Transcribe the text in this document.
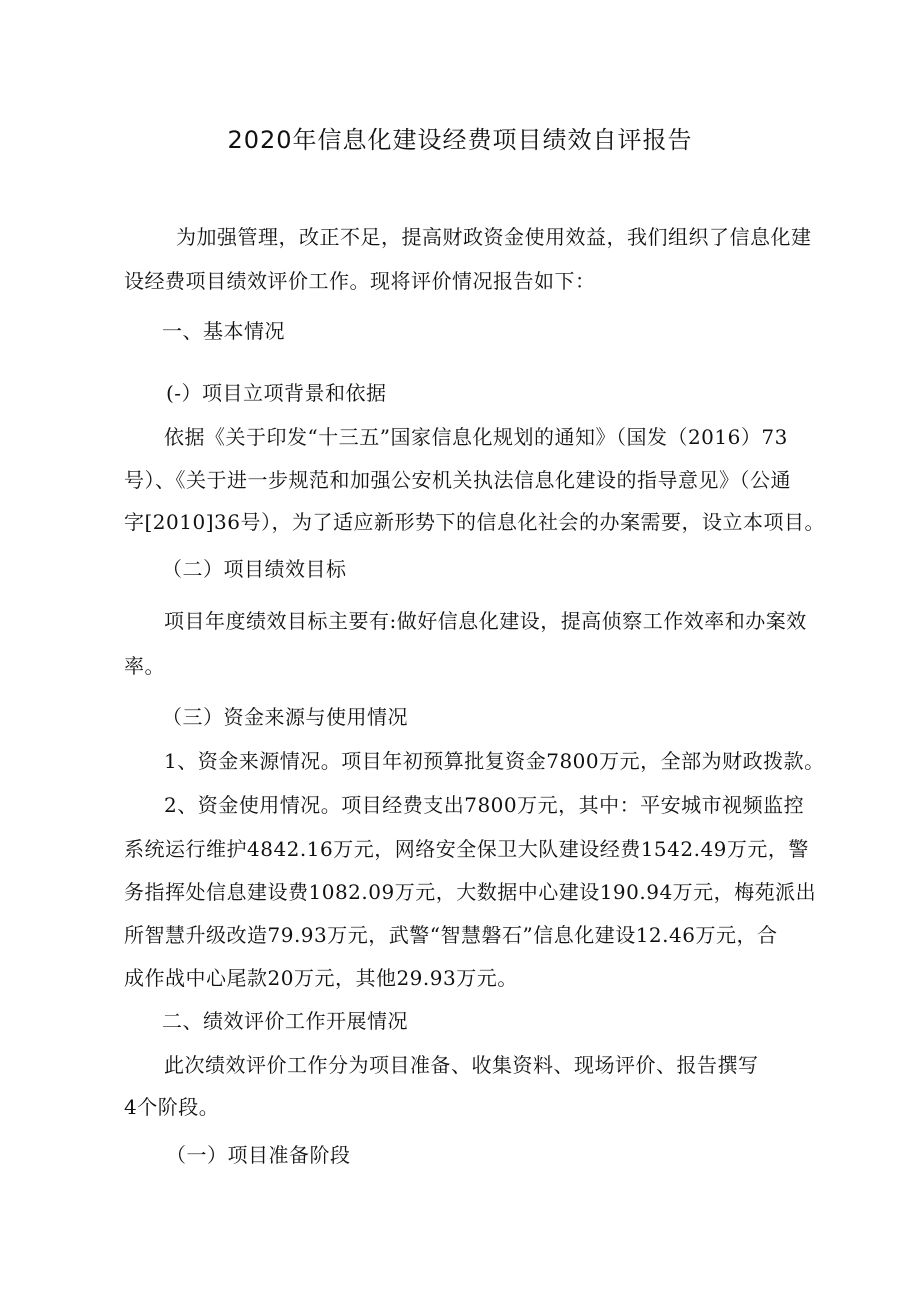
2020年信息化建设经费项目绩效自评报告
为加强管理，改正不足，提高财政资金使用效益，我们组织了信息化建
设经费项目绩效评价工作。现将评价情况报告如下：
一、基本情况
(-）项目立项背景和依据
依据《关于印发“十三五”国家信息化规划的通知》（国发（2016）73
号）、《关于进一步规范和加强公安机关执法信息化建设的指导意见》（公通
字[2010]36号），为了适应新形势下的信息化社会的办案需要，设立本项目。
（二）项目绩效目标
项目年度绩效目标主要有:做好信息化建设，提高侦察工作效率和办案效
率。
（三）资金来源与使用情况
1、资金来源情况。项目年初预算批复资金7800万元，全部为财政拨款。
2、资金使用情况。项目经费支出7800万元，其中：平安城市视频监控
系统运行维护4842.16万元，网络安全保卫大队建设经费1542.49万元，警
务指挥处信息建设费1082.09万元，大数据中心建设190.94万元，梅苑派出
所智慧升级改造79.93万元，武警“智慧磐石”信息化建设12.46万元，合
成作战中心尾款20万元，其他29.93万元。
二、绩效评价工作开展情况
此次绩效评价工作分为项目准备、收集资料、现场评价、报告撰写
4个阶段。
（一）项目准备阶段
